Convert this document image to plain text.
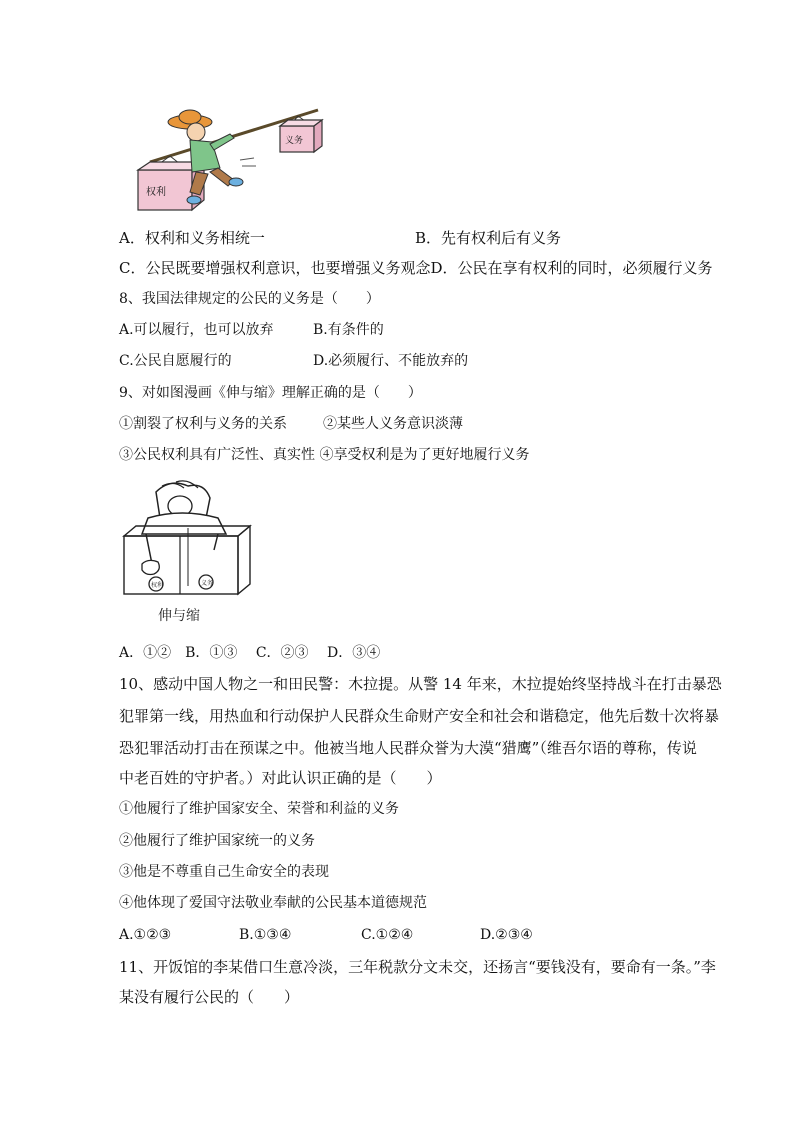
权利
义务
A．权利和义务相统一	B．先有权利后有义务
C．公民既要增强权利意识，也要增强义务观念D．公民在享有权利的同时，必须履行义务
8、我国法律规定的公民的义务是（　　）
A.可以履行，也可以放弃	B.有条件的
C.公民自愿履行的	D.必须履行、不能放弃的
9、对如图漫画《伸与缩》理解正确的是（　　）
①割裂了权利与义务的关系	②某些人义务意识淡薄
③公民权利具有广泛性、真实性 ④享受权利是为了更好地履行义务
权利	义务
伸与缩
A．①②　B．①③　 C．②③　 D．③④
10、感动中国人物之一和田民警：木拉提。从警 14 年来，木拉提始终坚持战斗在打击暴恐
犯罪第一线，用热血和行动保护人民群众生命财产安全和社会和谐稳定，他先后数十次将暴
恐犯罪活动打击在预谋之中。他被当地人民群众誉为大漠“猎鹰”（维吾尔语的尊称，传说
中老百姓的守护者。）对此认识正确的是（　　）
①他履行了维护国家安全、荣誉和利益的义务
②他履行了维护国家统一的义务
③他是不尊重自己生命安全的表现
④他体现了爱国守法敬业奉献的公民基本道德规范
A.①②③	B.①③④	C.①②④	D.②③④
11、开饭馆的李某借口生意冷淡，三年税款分文未交，还扬言“要钱没有，要命有一条。”李
某没有履行公民的（　　）
